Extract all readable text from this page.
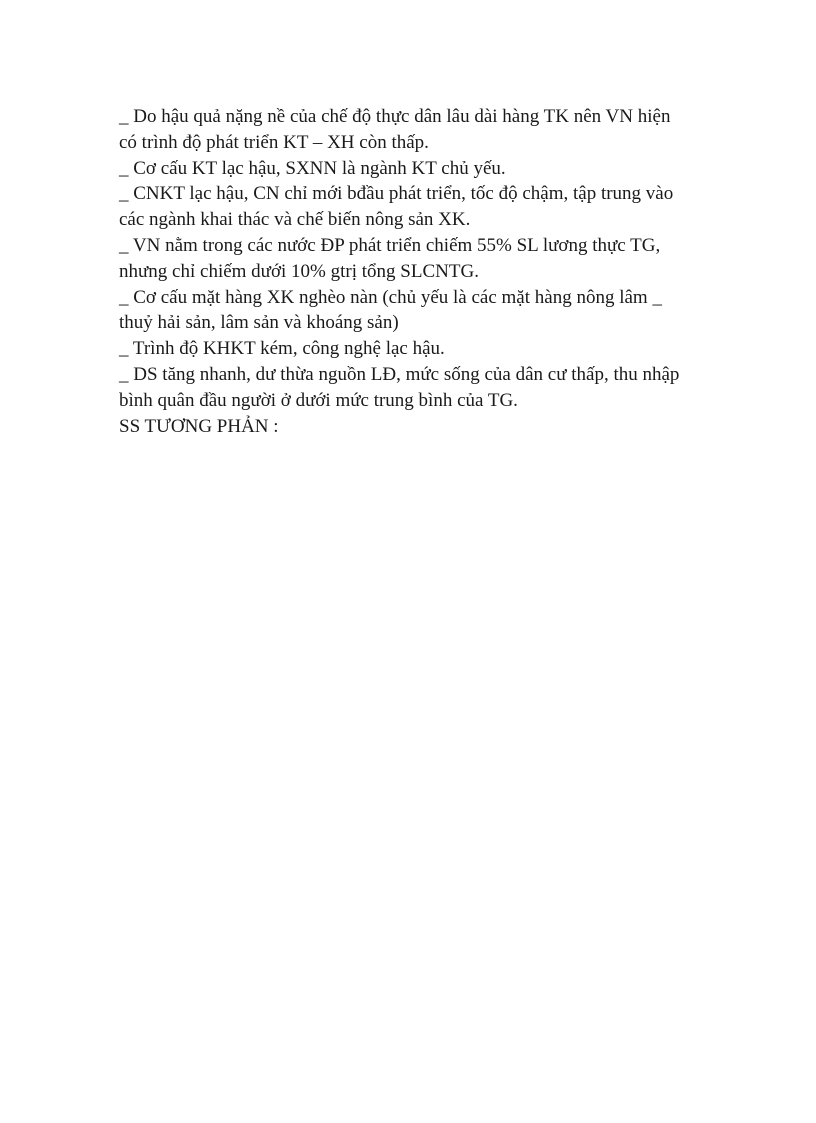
_ Do hậu quả nặng nề của chế độ thực dân lâu dài hàng TK nên VN hiện
có trình độ phát triển KT – XH còn thấp.
_ Cơ cấu KT lạc hậu, SXNN là ngành KT chủ yếu.
_ CNKT lạc hậu, CN chỉ mới bđầu phát triển, tốc độ chậm, tập trung vào
các ngành khai thác và chế biến nông sản XK.
_ VN nằm trong các nước ĐP phát triển chiếm 55% SL lương thực TG,
nhưng chỉ chiếm dưới 10% gtrị tổng SLCNTG.
_ Cơ cấu mặt hàng XK nghèo nàn (chủ yếu là các mặt hàng nông lâm _
thuỷ hải sản, lâm sản và khoáng sản)
_ Trình độ KHKT kém, công nghệ lạc hậu.
_ DS tăng nhanh, dư thừa nguồn LĐ, mức sống của dân cư thấp, thu nhập
bình quân đầu người ở dưới mức trung bình của TG.
SS TƯƠNG PHẢN :
